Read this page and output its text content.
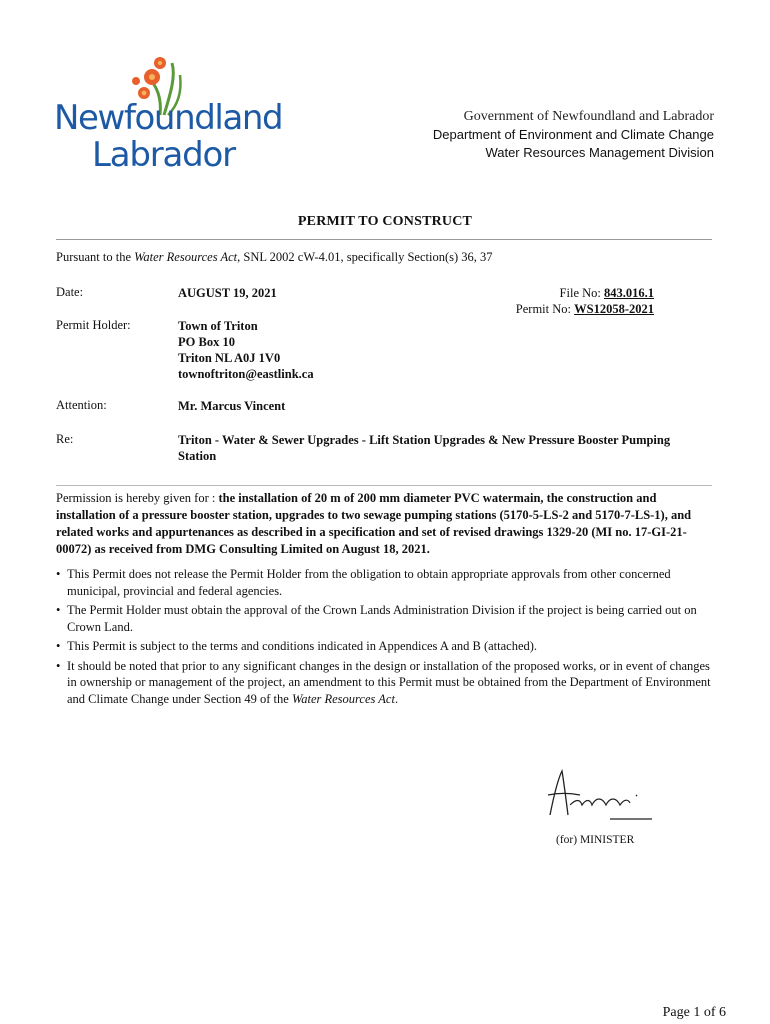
Newfoundland
Labrador
Government of Newfoundland and Labrador
Department of Environment and Climate Change
Water Resources Management Division
PERMIT TO CONSTRUCT
Pursuant to the Water Resources Act, SNL 2002 cW-4.01, specifically Section(s) 36, 37
Date:	AUGUST 19, 2021	File No: 843.016.1
Permit No: WS12058-2021
Permit Holder:	Town of Triton
PO Box 10
Triton NL A0J 1V0
townoftriton@eastlink.ca
Attention:	Mr. Marcus Vincent
Re:	Triton - Water & Sewer Upgrades - Lift Station Upgrades & New Pressure Booster Pumping
Station
Permission is hereby given for : the installation of 20 m of 200 mm diameter PVC watermain, the construction and installation of a pressure booster station, upgrades to two sewage pumping stations (5170-5-LS-2 and 5170-7-LS-1), and related works and appurtenances as described in a specification and set of revised drawings 1329-20 (MI no. 17-GI-21-00072) as received from DMG Consulting Limited on August 18, 2021.
• This Permit does not release the Permit Holder from the obligation to obtain appropriate approvals from other concerned municipal, provincial and federal agencies.
• The Permit Holder must obtain the approval of the Crown Lands Administration Division if the project is being carried out on Crown Land.
• This Permit is subject to the terms and conditions indicated in Appendices A and B (attached).
• It should be noted that prior to any significant changes in the design or installation of the proposed works, or in event of changes in ownership or management of the project, an amendment to this Permit must be obtained from the Department of Environment and Climate Change under Section 49 of the Water Resources Act.
(for) MINISTER
Page 1 of 6
